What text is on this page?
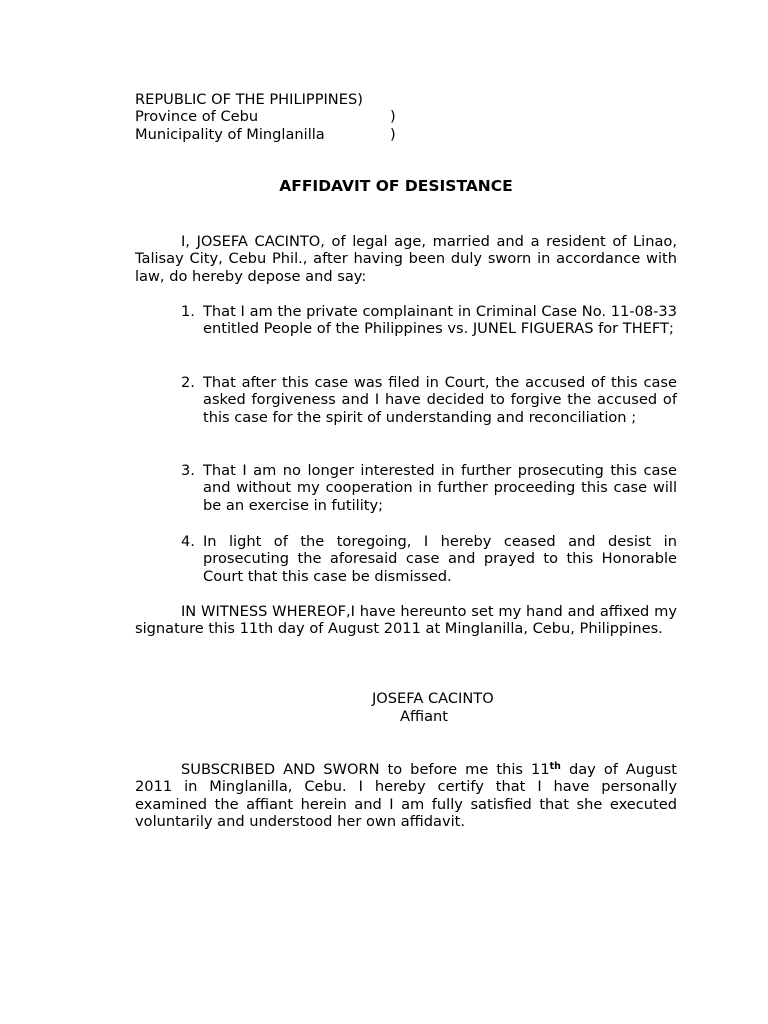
REPUBLIC OF THE PHILIPPINES)
Province of Cebu	)
Municipality of Minglanilla	)
AFFIDAVIT OF DESISTANCE
I, JOSEFA CACINTO, of legal age, married and a resident of Linao, Talisay City, Cebu Phil., after having been duly sworn in accordance with law, do hereby depose and say:
1. That I am the private complainant in Criminal Case No. 11-08-33 entitled People of the Philippines vs. JUNEL FIGUERAS for THEFT;
2. That after this case was filed in Court, the accused of this case asked forgiveness and I have decided to forgive the accused of this case for the spirit of understanding and reconciliation ;
3. That I am no longer interested in further prosecuting this case and without my cooperation in further proceeding this case will be an exercise in futility;
4. In light of the toregoing, I hereby ceased and desist in prosecuting the aforesaid case and prayed to this Honorable Court that this case be dismissed.
IN WITNESS WHEREOF,I have hereunto set my hand and affixed my signature this 11th day of August 2011 at Minglanilla, Cebu, Philippines.
JOSEFA CACINTO
Affiant
SUBSCRIBED AND SWORN to before me this 11th day of August 2011 in Minglanilla, Cebu. I hereby certify that I have personally examined the affiant herein and I am fully satisfied that she executed voluntarily and understood her own affidavit.
